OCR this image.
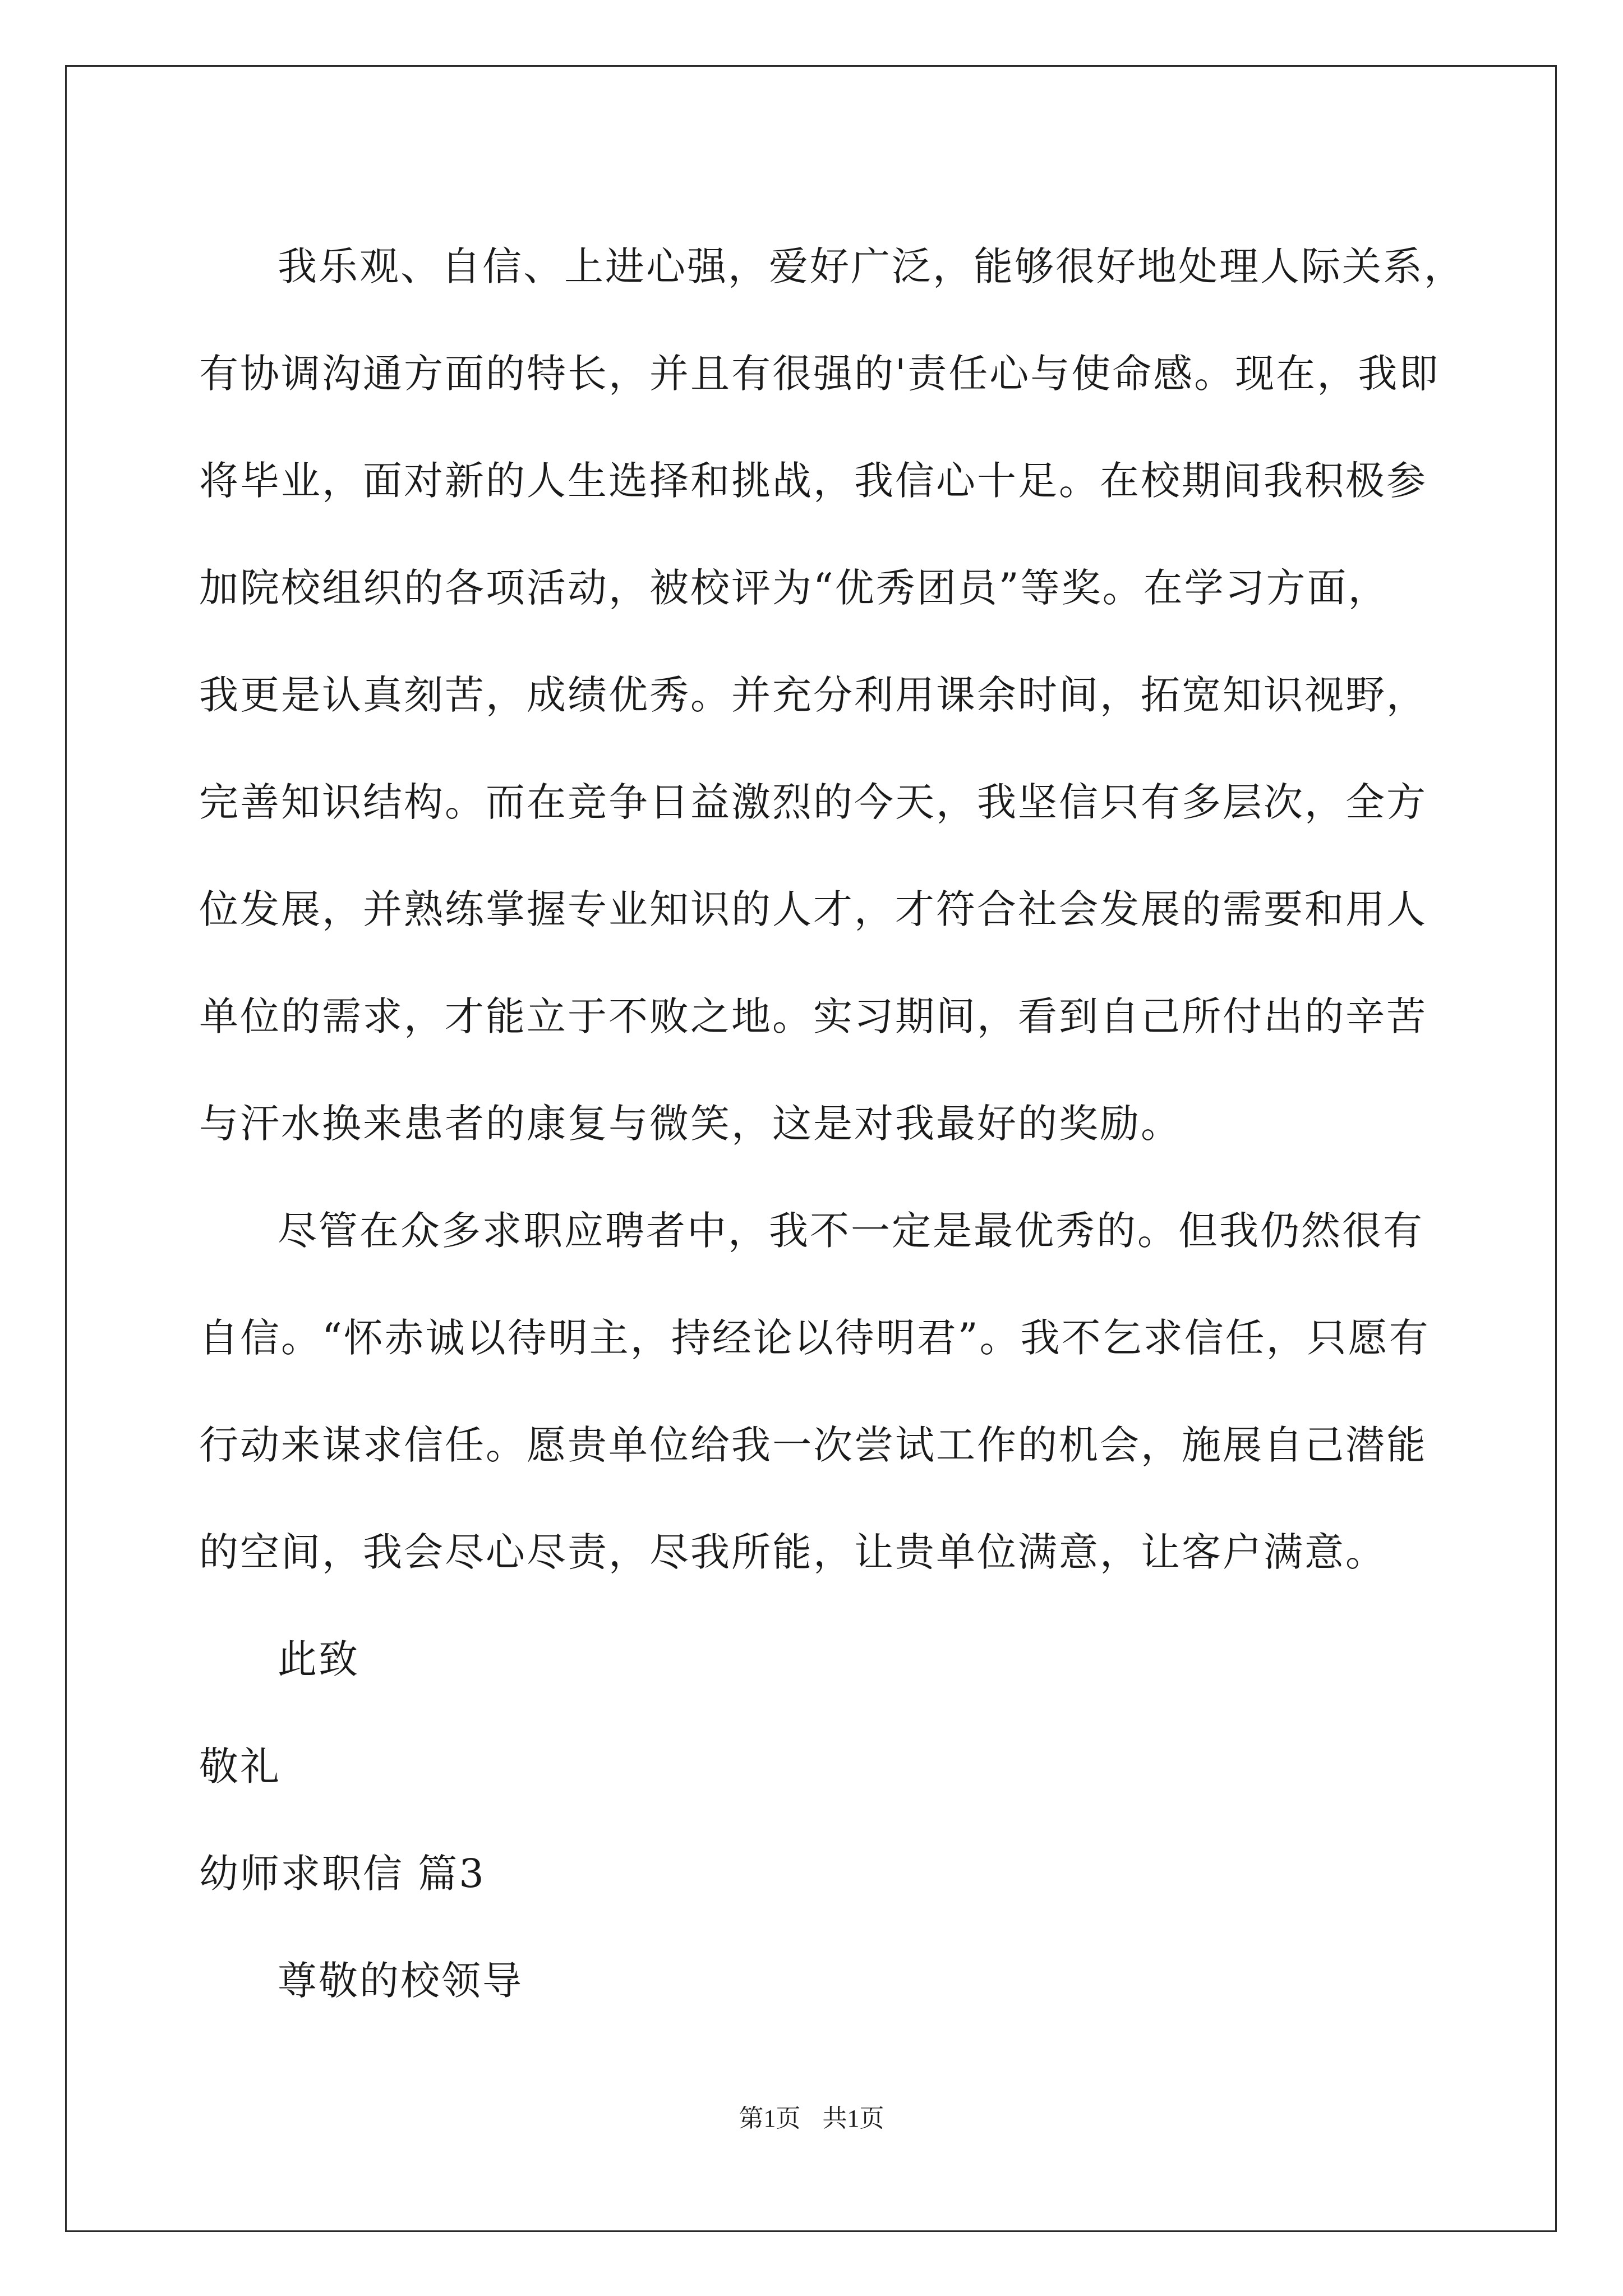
我乐观、自信、上进心强，爱好广泛，能够很好地处理人际关系，
有协调沟通方面的特长，并且有很强的'责任心与使命感。现在，我即
将毕业，面对新的人生选择和挑战，我信心十足。在校期间我积极参
加院校组织的各项活动，被校评为“优秀团员”等奖。在学习方面，
我更是认真刻苦，成绩优秀。并充分利用课余时间，拓宽知识视野，
完善知识结构。而在竞争日益激烈的今天，我坚信只有多层次，全方
位发展，并熟练掌握专业知识的人才，才符合社会发展的需要和用人
单位的需求，才能立于不败之地。实习期间，看到自己所付出的辛苦
与汗水换来患者的康复与微笑，这是对我最好的奖励。
尽管在众多求职应聘者中，我不一定是最优秀的。但我仍然很有
自信。“怀赤诚以待明主，持经论以待明君”。我不乞求信任，只愿有
行动来谋求信任。愿贵单位给我一次尝试工作的机会，施展自己潜能
的空间，我会尽心尽责，尽我所能，让贵单位满意，让客户满意。
此致
敬礼
幼师求职信 篇3
尊敬的校领导
第1页 共1页
